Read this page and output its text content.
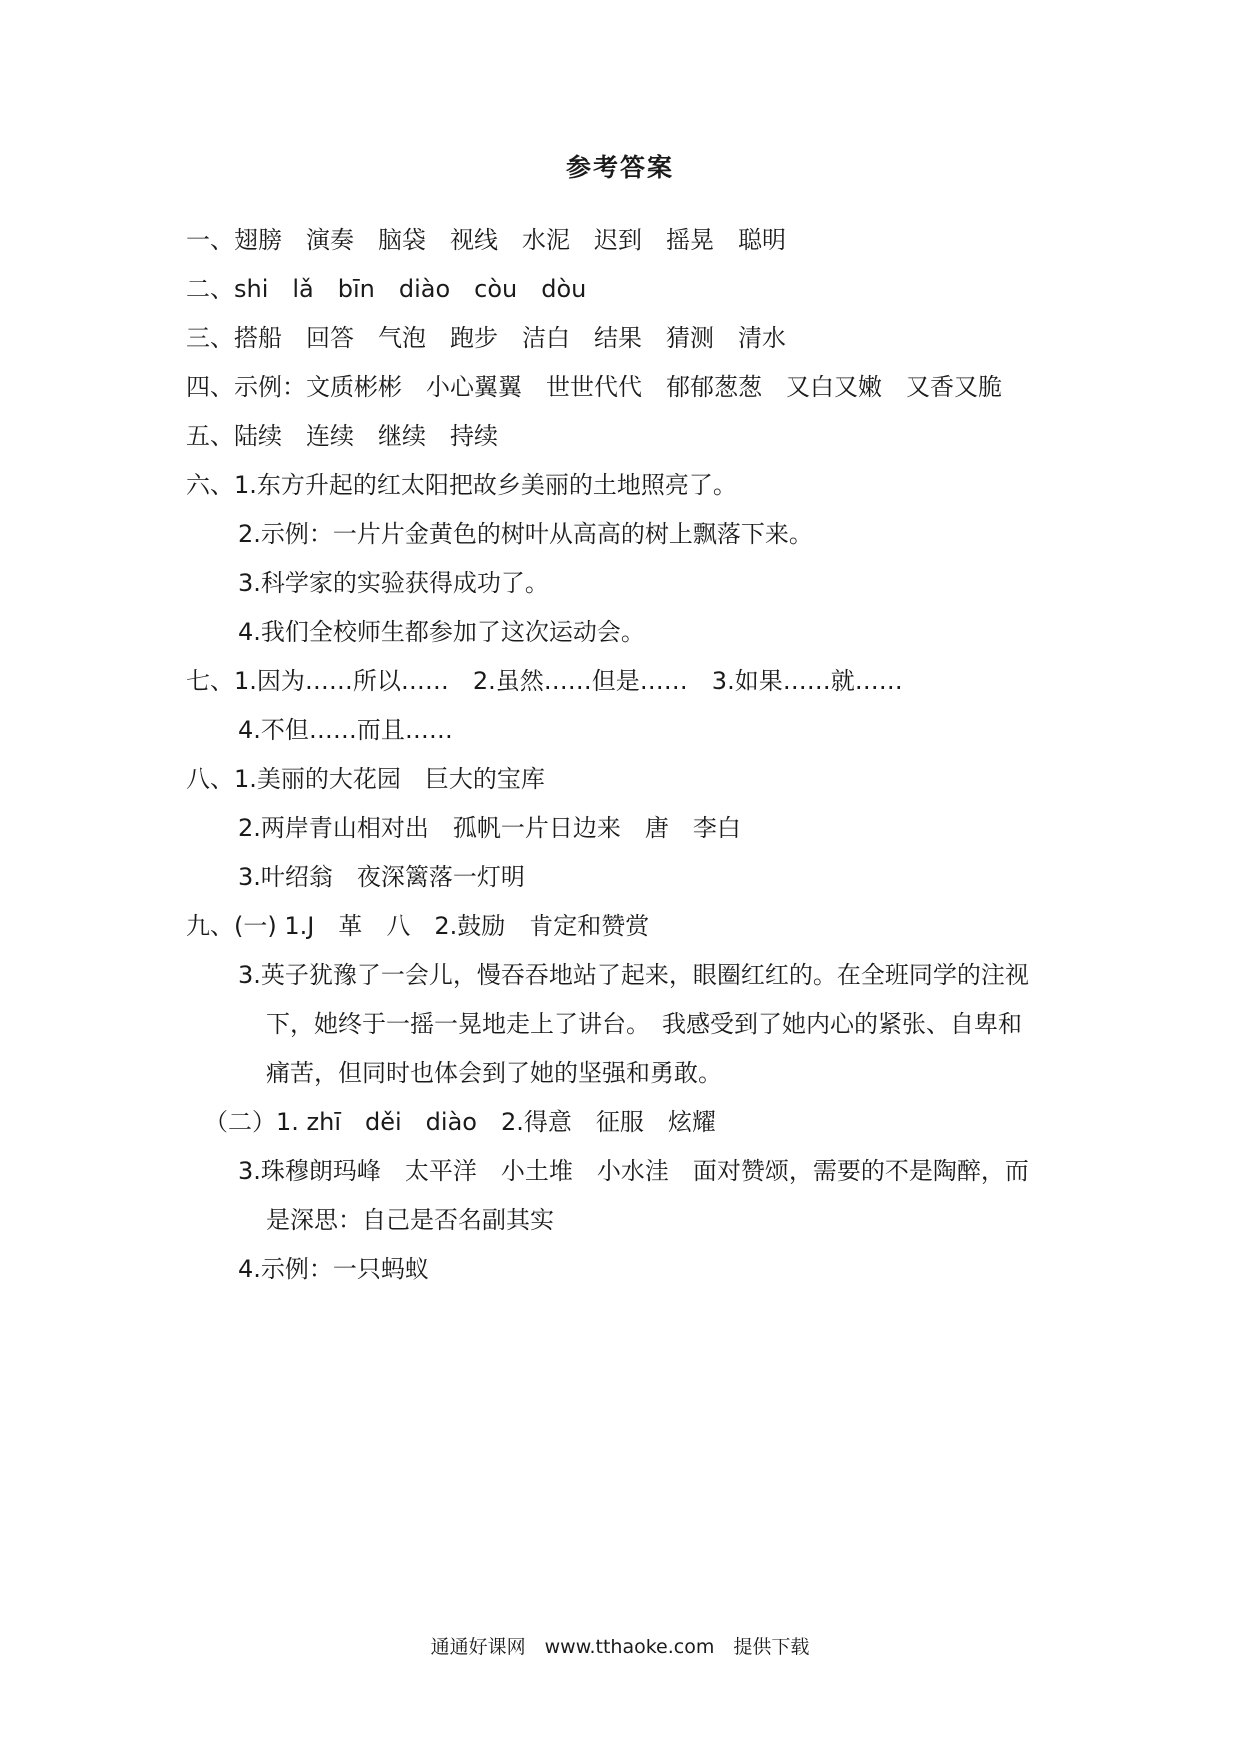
参考答案
一、翅膀　演奏　脑袋　视线　水泥　迟到　摇晃　聪明
二、shi　lǎ　bīn　diào　còu　dòu
三、搭船　回答　气泡　跑步　洁白　结果　猜测　清水
四、示例：文质彬彬　小心翼翼　世世代代　郁郁葱葱　又白又嫩　又香又脆
五、陆续　连续　继续　持续
六、1.东方升起的红太阳把故乡美丽的土地照亮了。
2.示例：一片片金黄色的树叶从高高的树上飘落下来。
3.科学家的实验获得成功了。
4.我们全校师生都参加了这次运动会。
七、1.因为……所以……　2.虽然……但是……　3.如果……就……
4.不但……而且……
八、1.美丽的大花园　巨大的宝库
2.两岸青山相对出　孤帆一片日边来　唐　李白
3.叶绍翁　夜深篱落一灯明
九、(一) 1.J　革　八　2.鼓励　肯定和赞赏
3.英子犹豫了一会儿，慢吞吞地站了起来，眼圈红红的。在全班同学的注视
下，她终于一摇一晃地走上了讲台。　我感受到了她内心的紧张、自卑和
痛苦，但同时也体会到了她的坚强和勇敢。
（二）1. zhī　děi　diào　2.得意　征服　炫耀
3.珠穆朗玛峰　太平洋　小土堆　小水洼　面对赞颂，需要的不是陶醉，而
是深思：自己是否名副其实
4.示例：一只蚂蚁
通通好课网　www.tthaoke.com　提供下载
